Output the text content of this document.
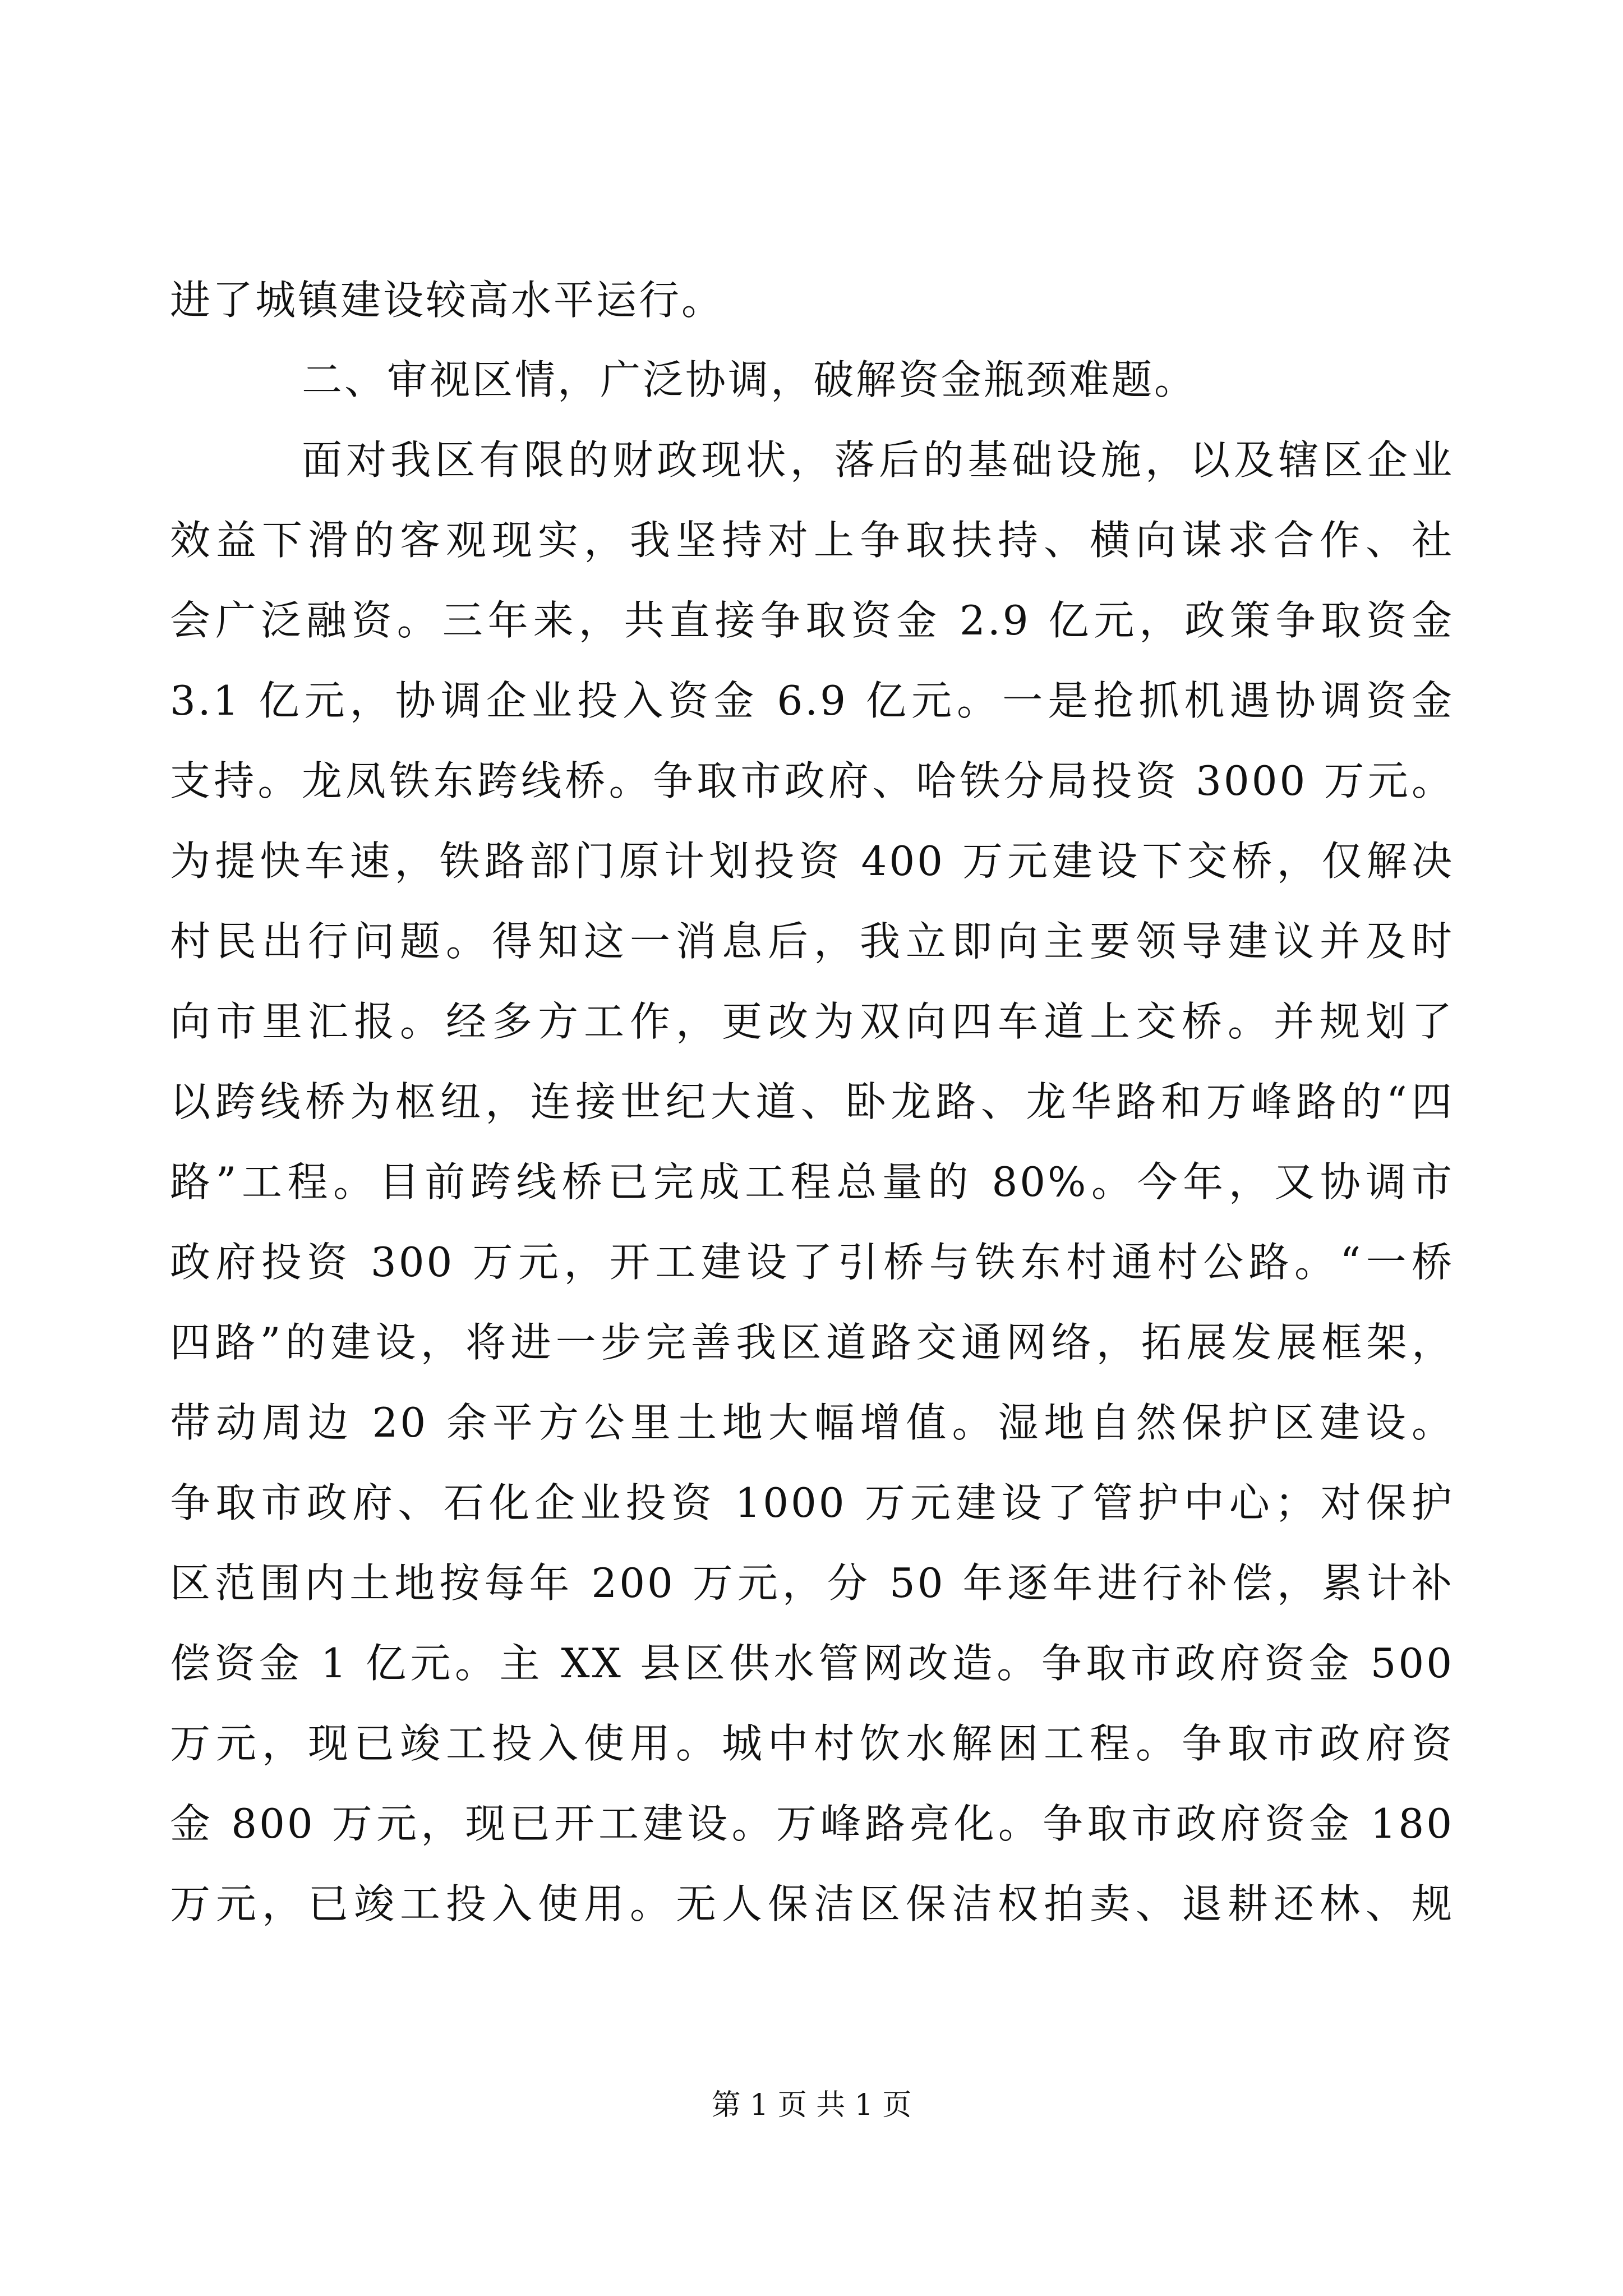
进了城镇建设较高水平运行。
二、审视区情，广泛协调，破解资金瓶颈难题。
面对我区有限的财政现状，落后的基础设施，以及辖区企业
效益下滑的客观现实，我坚持对上争取扶持、横向谋求合作、社
会广泛融资。三年来，共直接争取资金 2.9 亿元，政策争取资金
3.1 亿元，协调企业投入资金 6.9 亿元。一是抢抓机遇协调资金
支持。龙凤铁东跨线桥。争取市政府、哈铁分局投资 3000 万元。
为提快车速，铁路部门原计划投资 400 万元建设下交桥，仅解决
村民出行问题。得知这一消息后，我立即向主要领导建议并及时
向市里汇报。经多方工作，更改为双向四车道上交桥。并规划了
以跨线桥为枢纽，连接世纪大道、卧龙路、龙华路和万峰路的“四
路”工程。目前跨线桥已完成工程总量的 80%。今年，又协调市
政府投资 300 万元，开工建设了引桥与铁东村通村公路。“一桥
四路”的建设，将进一步完善我区道路交通网络，拓展发展框架，
带动周边 20 余平方公里土地大幅增值。湿地自然保护区建设。
争取市政府、石化企业投资 1000 万元建设了管护中心；对保护
区范围内土地按每年 200 万元，分 50 年逐年进行补偿，累计补
偿资金 1 亿元。主 XX 县区供水管网改造。争取市政府资金 500
万元，现已竣工投入使用。城中村饮水解困工程。争取市政府资
金 800 万元，现已开工建设。万峰路亮化。争取市政府资金 180
万元，已竣工投入使用。无人保洁区保洁权拍卖、退耕还林、规
第 1 页 共 1 页
